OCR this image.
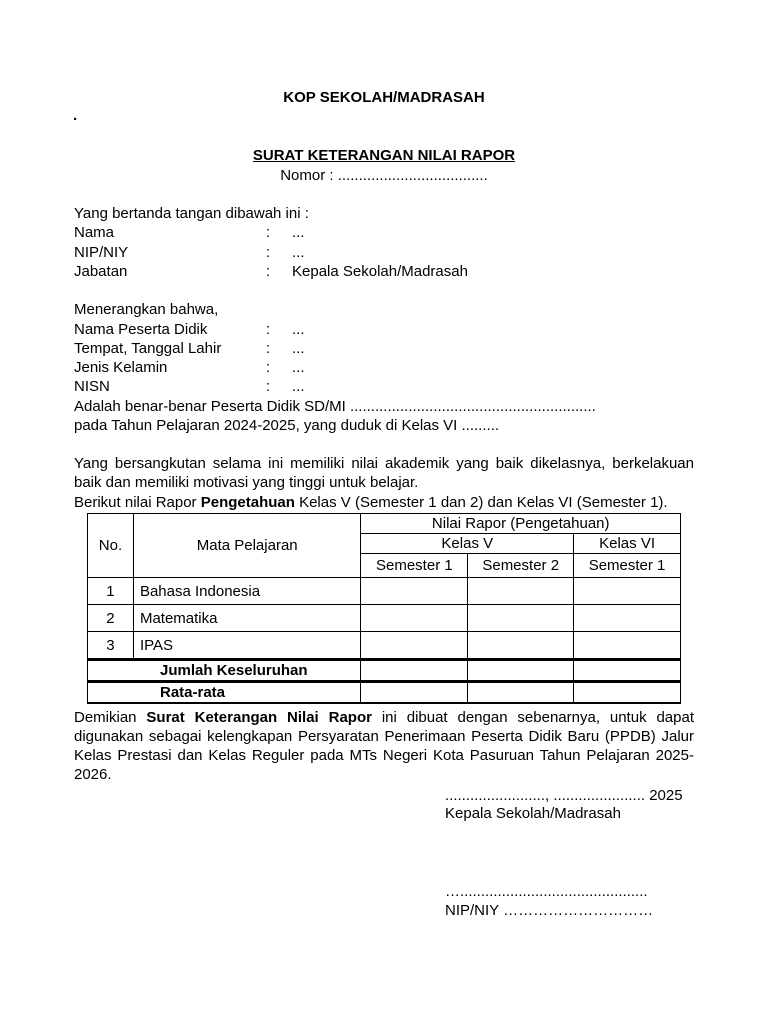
KOP SEKOLAH/MADRASAH
.
SURAT KETERANGAN NILAI RAPOR
Nomor : ....................................
Yang bertanda tangan dibawah ini :
Nama	: ...
NIP/NIY	: ...
Jabatan	: Kepala Sekolah/Madrasah
Menerangkan bahwa,
Nama Peserta Didik	: ...
Tempat, Tanggal Lahir	: ...
Jenis Kelamin	: ...
NISN	: ...
Adalah benar-benar Peserta Didik SD/MI ...........................................................
pada Tahun Pelajaran 2024-2025, yang duduk di Kelas VI .........
Yang bersangkutan selama ini memiliki nilai akademik yang baik dikelasnya, berkelakuan baik dan memiliki motivasi yang tinggi untuk belajar.
Berikut nilai Rapor Pengetahuan Kelas V (Semester 1 dan 2) dan Kelas VI (Semester 1).
No.	Mata Pelajaran	Nilai Rapor (Pengetahuan)		
		Kelas V		Kelas VI
		Semester 1	Semester 2	Semester 1
1	Bahasa Indonesia			
2	Matematika			
3	IPAS			
Jumlah Keseluruhan				
Rata-rata				
Demikian Surat Keterangan Nilai Rapor ini dibuat dengan sebenarnya, untuk dapat digunakan sebagai kelengkapan Persyaratan Penerimaan Peserta Didik Baru (PPDB) Jalur Kelas Prestasi dan Kelas Reguler pada MTs Negeri Kota Pasuruan Tahun Pelajaran 2025-2026.
........................, ...................... 2025
Kepala Sekolah/Madrasah
….............................................
NIP/NIY …………………………
